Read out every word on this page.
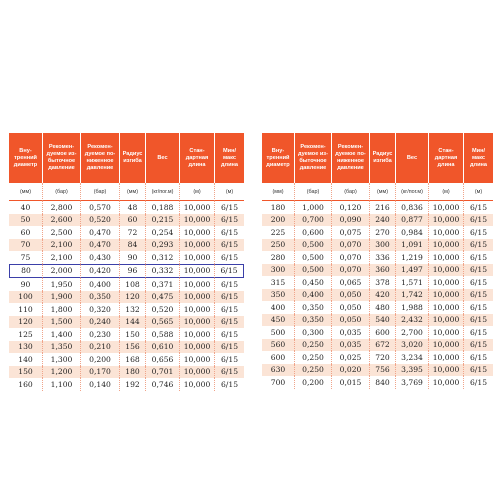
Вну- тренний диаметр	Рекомен- дуемое из- быточное давление	Рекомен- дуемое по- ниженное давление	Радиус изгиба	Вес	Стан- дартная длина	Мин/ макс длина
(мм)	(бар)	(бар)	(мм)	(кг/пог.м)	(м)	(м)
40	2,800	0,570	48	0,188	10,000	6/15
50	2,600	0,520	60	0,215	10,000	6/15
60	2,500	0,470	72	0,254	10,000	6/15
70	2,100	0,470	84	0,293	10,000	6/15
75	2,100	0,430	90	0,312	10,000	6/15
80	2,000	0,420	96	0,332	10,000	6/15
90	1,950	0,400	108	0,371	10,000	6/15
100	1,900	0,350	120	0,475	10,000	6/15
110	1,800	0,320	132	0,520	10,000	6/15
120	1,500	0,240	144	0,565	10,000	6/15
125	1,400	0,230	150	0,588	10,000	6/15
130	1,350	0,210	156	0,610	10,000	6/15
140	1,300	0,200	168	0,656	10,000	6/15
150	1,200	0,170	180	0,701	10,000	6/15
160	1,100	0,140	192	0,746	10,000	6/15
Вну- тренний диаметр	Рекомен- дуемое из- быточное давление	Рекомен- дуемое по- ниженное давление	Радиус изгиба	Вес	Стан- дартная длина	Мин/ макс длина
(мм)	(бар)	(бар)	(мм)	(кг/пог.м)	(м)	(м)
180	1,000	0,120	216	0,836	10,000	6/15
200	0,700	0,090	240	0,877	10,000	6/15
225	0,600	0,075	270	0,984	10,000	6/15
250	0,500	0,070	300	1,091	10,000	6/15
280	0,500	0,070	336	1,219	10,000	6/15
300	0,500	0,070	360	1,497	10,000	6/15
315	0,450	0,065	378	1,571	10,000	6/15
350	0,400	0,050	420	1,742	10,000	6/15
400	0,350	0,050	480	1,988	10,000	6/15
450	0,350	0,050	540	2,432	10,000	6/15
500	0,300	0,035	600	2,700	10,000	6/15
560	0,250	0,035	672	3,020	10,000	6/15
600	0,250	0,025	720	3,234	10,000	6/15
630	0,250	0,020	756	3,395	10,000	6/15
700	0,200	0,015	840	3,769	10,000	6/15
